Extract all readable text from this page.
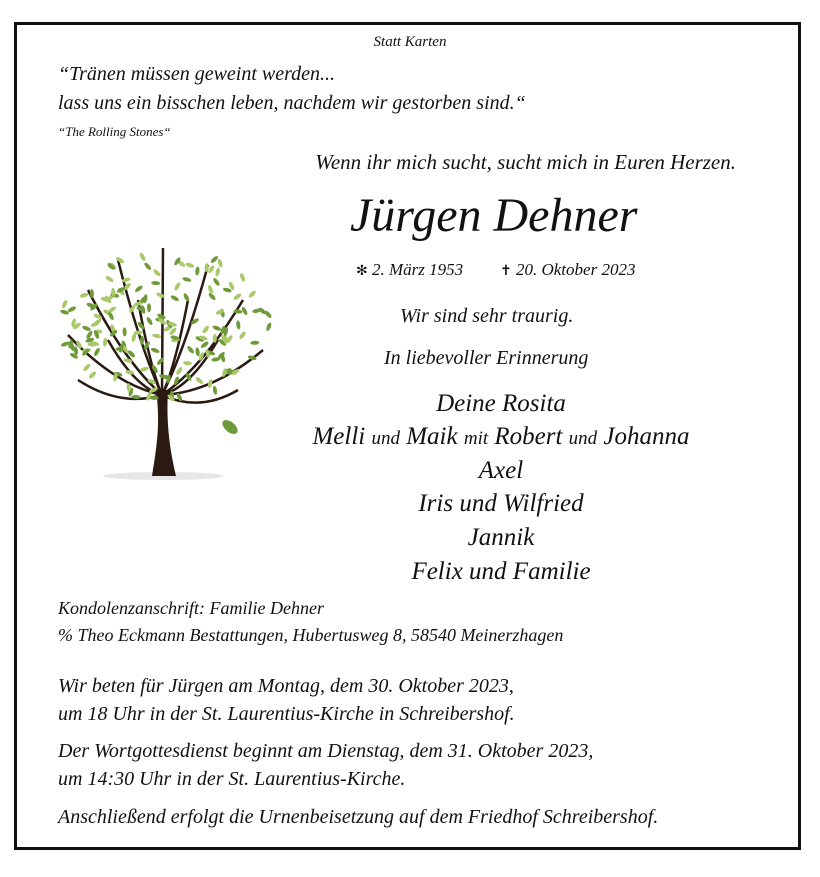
Statt Karten
“Tränen müssen geweint werden...
lass uns ein bisschen leben, nachdem wir gestorben sind.“
“The Rolling Stones“
Wenn ihr mich sucht, sucht mich in Euren Herzen.
Jürgen Dehner
✻ 2. März 1953	✝ 20. Oktober 2023
Wir sind sehr traurig.
In liebevoller Erinnerung
Deine Rosita
Melli und Maik mit Robert und Johanna
Axel
Iris und Wilfried
Jannik
Felix und Familie
Kondolenzanschrift: Familie Dehner
% Theo Eckmann Bestattungen, Hubertusweg 8, 58540 Meinerzhagen
Wir beten für Jürgen am Montag, dem 30. Oktober 2023,
um 18 Uhr in der St. Laurentius-Kirche in Schreibershof.
Der Wortgottesdienst beginnt am Dienstag, dem 31. Oktober 2023,
um 14:30 Uhr in der St. Laurentius-Kirche.
Anschließend erfolgt die Urnenbeisetzung auf dem Friedhof Schreibershof.
